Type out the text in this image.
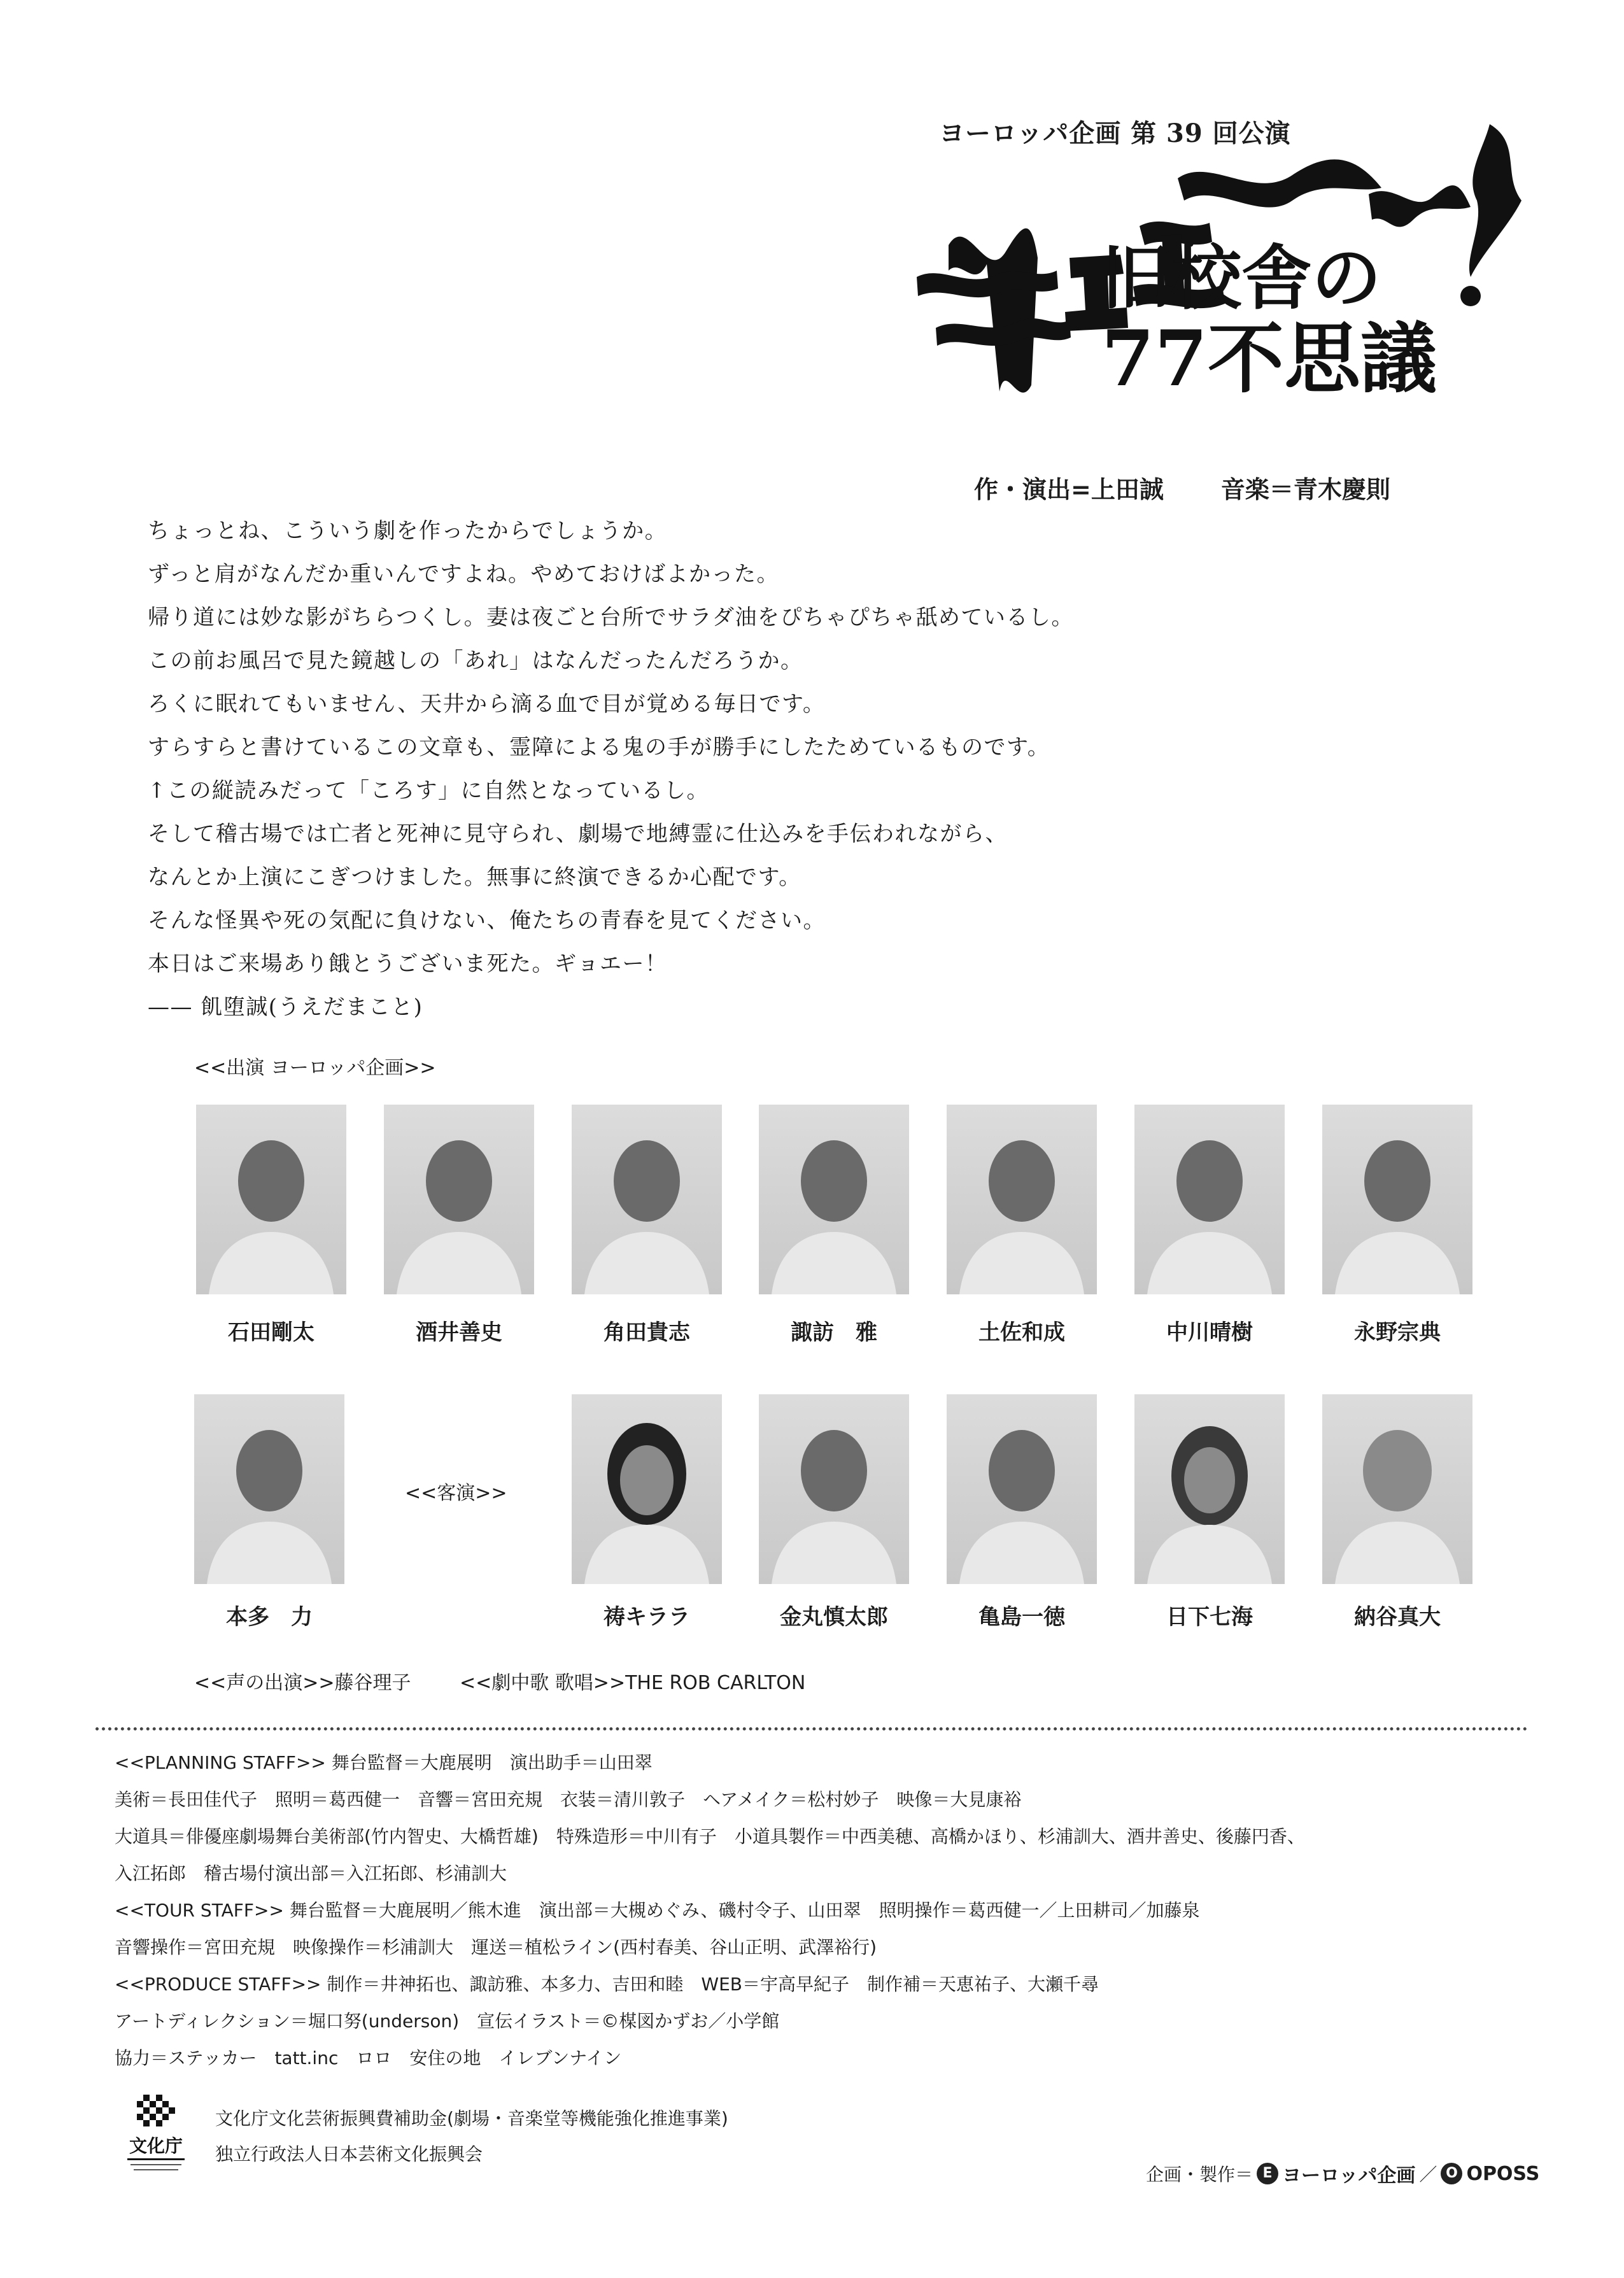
ヨーロッパ企画 第 39 回公演
旧校舎の
77不思議
ギョエー〜〜！
作・演出=上田誠 音楽＝青木慶則
ちょっとね、こういう劇を作ったからでしょうか。
ずっと肩がなんだか重いんですよね。やめておけばよかった。
帰り道には妙な影がちらつくし。妻は夜ごと台所でサラダ油をぴちゃぴちゃ舐めているし。
この前お風呂で見た鏡越しの「あれ」はなんだったんだろうか。
ろくに眠れてもいません、天井から滴る血で目が覚める毎日です。
すらすらと書けているこの文章も、霊障による鬼の手が勝手にしたためているものです。
↑この縦読みだって「ころす」に自然となっているし。
そして稽古場では亡者と死神に見守られ、劇場で地縛霊に仕込みを手伝われながら、
なんとか上演にこぎつけました。無事に終演できるか心配です。
そんな怪異や死の気配に負けない、俺たちの青春を見てください。
本日はご来場あり餓とうございま死た。ギョエー！
—— 飢堕誠(うえだまこと)
<<出演 ヨーロッパ企画>>
石田剛太	酒井善史	角田貴志	諏訪　雅	土佐和成	中川晴樹	永野宗典
<<客演>>
本多　力	祷キララ	金丸慎太郎	亀島一徳	日下七海	納谷真大
<<声の出演>>藤谷理子	<<劇中歌 歌唱>>THE ROB CARLTON
<<PLANNING STAFF>> 舞台監督＝大鹿展明　演出助手＝山田翠
美術＝長田佳代子　照明＝葛西健一　音響＝宮田充規　衣装＝清川敦子　ヘアメイク＝松村妙子　映像＝大見康裕
大道具＝俳優座劇場舞台美術部(竹内智史、大橋哲雄)　特殊造形＝中川有子　小道具製作＝中西美穂、高橋かほり、杉浦訓大、酒井善史、後藤円香、
入江拓郎　稽古場付演出部＝入江拓郎、杉浦訓大
<<TOUR STAFF>> 舞台監督＝大鹿展明／熊木進　演出部＝大槻めぐみ、磯村令子、山田翠　照明操作＝葛西健一／上田耕司／加藤泉
音響操作＝宮田充規　映像操作＝杉浦訓大　運送＝植松ライン(西村春美、谷山正明、武澤裕行)
<<PRODUCE STAFF>> 制作＝井神拓也、諏訪雅、本多力、吉田和睦　WEB＝宇高早紀子　制作補＝天恵祐子、大瀬千尋
アートディレクション＝堀口努(underson)　宣伝イラスト＝©楳図かずお／小学館
協力＝ステッカー　tatt.inc　ロロ　安住の地　イレブンナイン
文化庁
文化庁文化芸術振興費補助金(劇場・音楽堂等機能強化推進事業)
独立行政法人日本芸術文化振興会
企画・製作＝ E ヨーロッパ企画 ／ O OPOSS
